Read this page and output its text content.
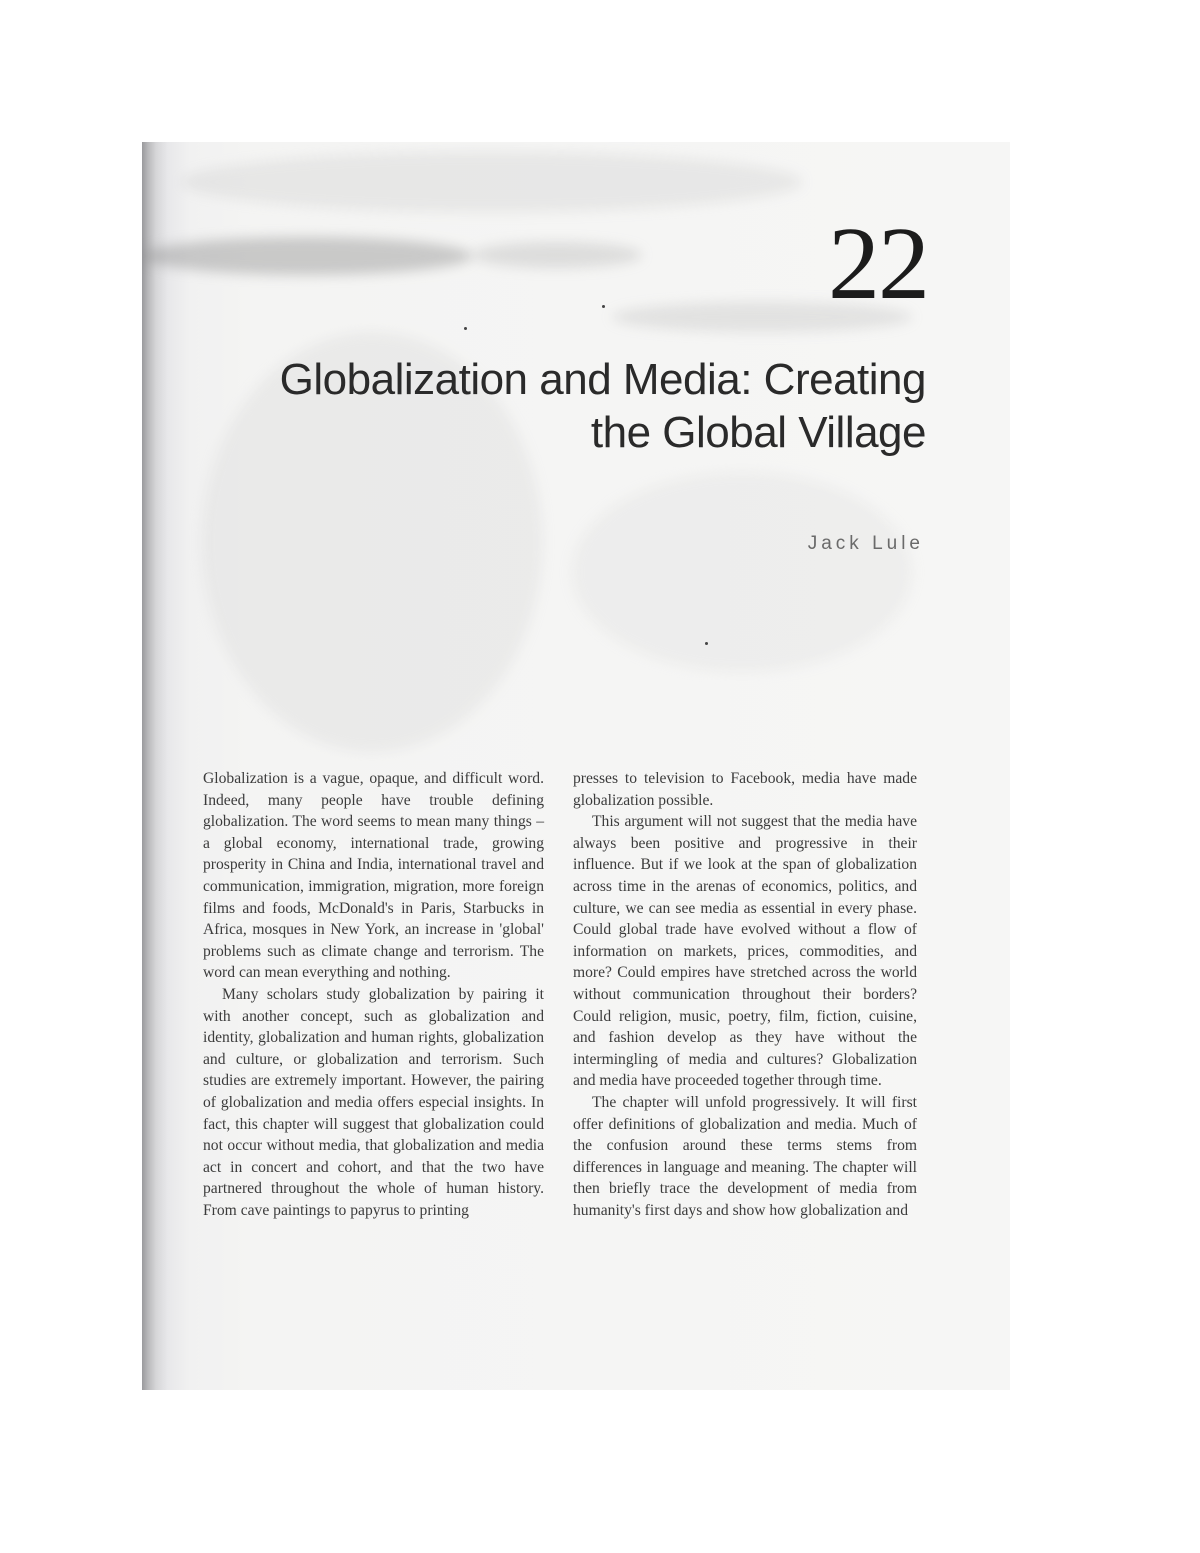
22
Globalization and Media: Creating
the Global Village
Jack Lule

Globalization is a vague, opaque, and difficult word. Indeed, many people have trouble defining globalization. The word seems to mean many things – a global economy, international trade, growing prosperity in China and India, international travel and communication, immigration, migration, more foreign films and foods, McDonald's in Paris, Starbucks in Africa, mosques in New York, an increase in 'global' problems such as climate change and terrorism. The word can mean everything and nothing.

Many scholars study globalization by pairing it with another concept, such as globalization and identity, globalization and human rights, globalization and culture, or globalization and terrorism. Such studies are extremely important. However, the pairing of globalization and media offers especial insights. In fact, this chapter will suggest that globalization could not occur without media, that globalization and media act in concert and cohort, and that the two have partnered throughout the whole of human history. From cave paintings to papyrus to printing

presses to television to Facebook, media have made globalization possible.

This argument will not suggest that the media have always been positive and progressive in their influence. But if we look at the span of globalization across time in the arenas of economics, politics, and culture, we can see media as essential in every phase. Could global trade have evolved without a flow of information on markets, prices, commodities, and more? Could empires have stretched across the world without communication throughout their borders? Could religion, music, poetry, film, fiction, cuisine, and fashion develop as they have without the intermingling of media and cultures? Globalization and media have proceeded together through time.

The chapter will unfold progressively. It will first offer definitions of globalization and media. Much of the confusion around these terms stems from differences in language and meaning. The chapter will then briefly trace the development of media from humanity's first days and show how globalization and
